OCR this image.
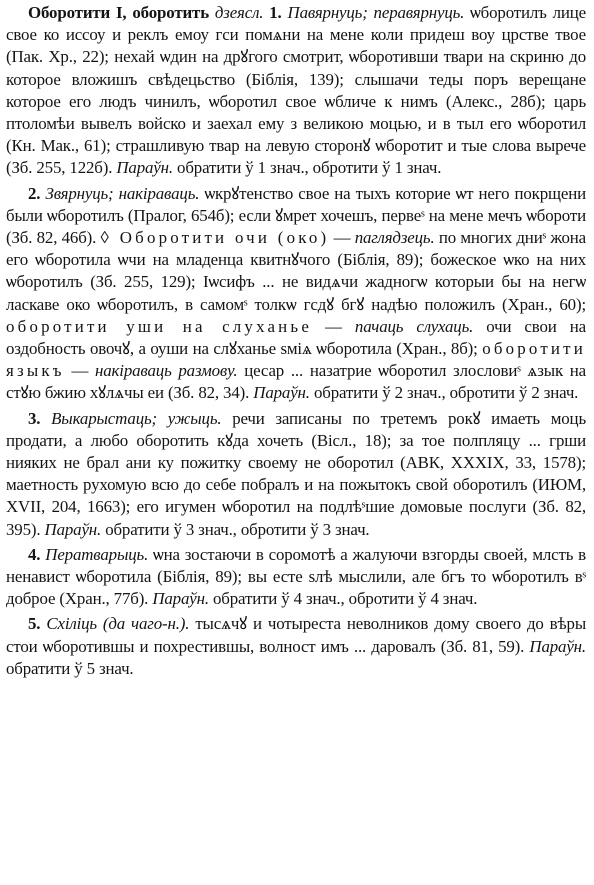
Оборотити I, оборотить дзеясл. 1. Павярнуць; перавярнуць. ѡборотилъ лице свое ко иссоу и реклъ емоу гси помѧни на мене коли придеш воу црстве твое (Пак. Хр., 22); нехай ѡдин на дрꙋгого смотрит, ѡборотивши твари на скриню до которое вложишъ свѣдецьство (Біблія, 139); слышачи теды поръ верещане которое его людъ чинилъ, ѡборотил свое ѡбличе к нимъ (Алекс., 28б); царь птоломѣи вывелъ войско и заехал ему з великою моцью, и в тыл его ѡборотил (Кн. Мак., 61); страшливую твар на левую сторонꙋ ѡборотит и тые слова вырече (Зб. 255, 122б). Параўн. обратити ў 1 знач., обротити ў 1 знач.

2. Звярнуць; накіраваць. ѡкрꙋтенство свое на тыхъ которие ѡт него покрщени были ѡборотилъ (Пралог, 654б); если ꙋмрет хочешъ, первеˢ на мене мечъ ѡбороти (Зб. 82, 46б). ◊ Оборотити очи (око) — паглядзець. по многих дниˢ жона его ѡборотила ѡчи на младенца квитнꙋчого (Біблія, 89); божеское ѡко на них ѡборотилъ (Зб. 255, 129); Іѡсифъ ... не видѧчи жадногѡ которыи бы на негѡ ласкаве око ѡборотилъ, в самомˢ толкѡ гсдꙋ бгꙋ надѣю положилъ (Хран., 60); оборотити уши на слуханье — пачаць слухаць. очи свои на оздобность овочꙋ, а оуши на слꙋханье ѕміѧ ѡборотила (Хран., 8б); оборотити языкъ — накіраваць размову. цесар ... назатрие ѡборотил злословиˢ ѧзык на стꙋю бжию хꙋлѧчы еи (Зб. 82, 34). Параўн. обратити ў 2 знач., обротити ў 2 знач.

3. Выкарыстаць; ужыць. речи записаны по третемъ рокꙋ имаеть моць продати, а любо оборотить кꙋда хочеть (Вісл., 18); за тое полпляцу ... грши нияких не брал ани ку пожитку своему не оборотил (АВК, XXXIX, 33, 1578); маетность рухомую всю до себе побралъ и на пожытокъ свой оборотилъ (ИЮМ, XVII, 204, 1663); его игумен ѡборотил на подлѣˢшие домовые послуги (Зб. 82, 395). Параўн. обратити ў 3 знач., обротити ў 3 знач.

4. Ператварыць. ѡна зостаючи в соромотѣ а жалуючи взгорды своей, млсть в ненавист ѡборотила (Біблія, 89); вы есте ѕлѣ мыслили, але бгъ то ѡборотилъ вˢ доброе (Хран., 77б). Параўн. обратити ў 4 знач., обротити ў 4 знач.

5. Схіліць (да чаго-н.). тысѧчꙋ и чотыреста неволников дому своего до вѣры стои ѡборотившы и похрестившы, волност имъ ... даровалъ (Зб. 81, 59). Параўн. обратити ў 5 знач.
